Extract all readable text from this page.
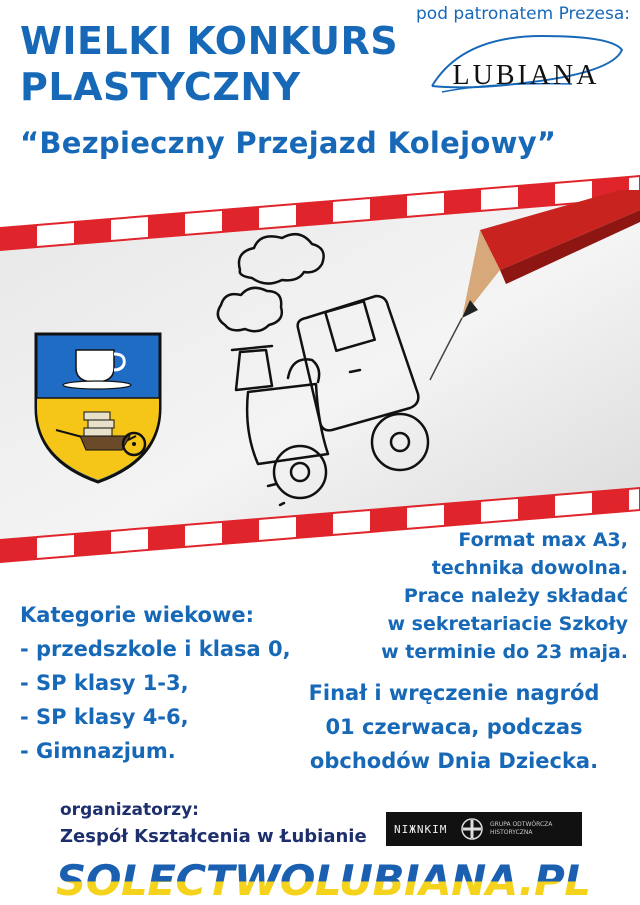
WIELKI KONKURS
PLASTYCZNY
“Bezpieczny Przejazd Kolejowy”
pod patronatem Prezesa:
LUBIANA
Format max A3,
technika dowolna.
Prace należy składać
w sekretariacie Szkoły
w terminie do 23 maja.
Kategorie wiekowe:
- przedszkole i klasa 0,
- SP klasy 1-3,
- SP klasy 4-6,
- Gimnazjum.
Finał i wręczenie nagród
01 czerwaca, podczas
obchodów Dnia Dziecka.
organizatorzy:
Zespół Kształcenia w Łubianie	NIЖNKIM	GRUPA ODTWÓRCZA HISTORYCZNA
SOLECTWOLUBIANA.PL
